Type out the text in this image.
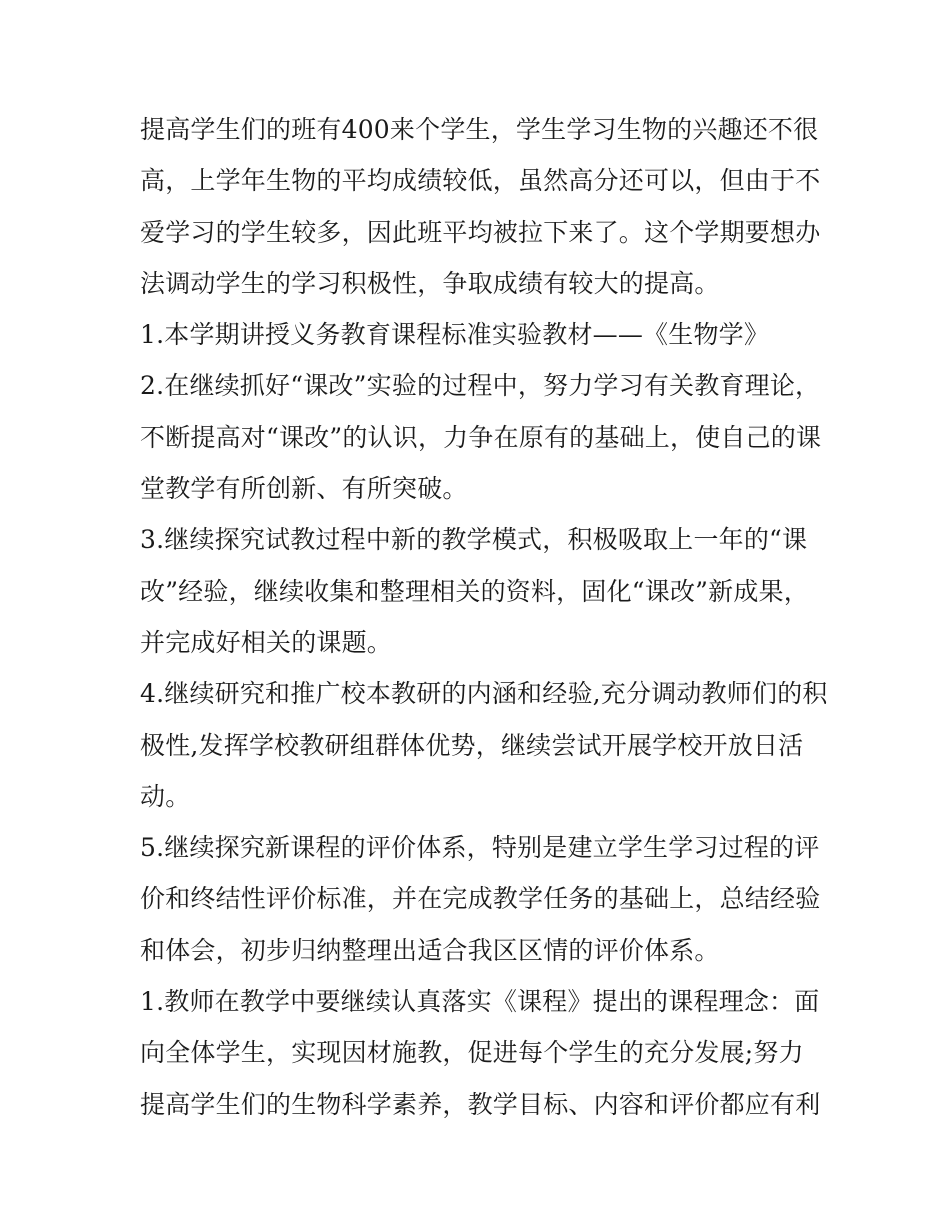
提高学生们的班有400来个学生，学生学习生物的兴趣还不很
高，上学年生物的平均成绩较低，虽然高分还可以，但由于不
爱学习的学生较多，因此班平均被拉下来了。这个学期要想办
法调动学生的学习积极性，争取成绩有较大的提高。
1.本学期讲授义务教育课程标准实验教材——《生物学》
2.在继续抓好“课改”实验的过程中，努力学习有关教育理论，
不断提高对“课改”的认识，力争在原有的基础上，使自己的课
堂教学有所创新、有所突破。
3.继续探究试教过程中新的教学模式，积极吸取上一年的“课
改”经验，继续收集和整理相关的资料，固化“课改”新成果，
并完成好相关的课题。
4.继续研究和推广校本教研的内涵和经验,充分调动教师们的积
极性,发挥学校教研组群体优势，继续尝试开展学校开放日活
动。
5.继续探究新课程的评价体系，特别是建立学生学习过程的评
价和终结性评价标准，并在完成教学任务的基础上，总结经验
和体会，初步归纳整理出适合我区区情的评价体系。
1.教师在教学中要继续认真落实《课程》提出的课程理念：面
向全体学生，实现因材施教，促进每个学生的充分发展;努力
提高学生们的生物科学素养，教学目标、内容和评价都应有利
